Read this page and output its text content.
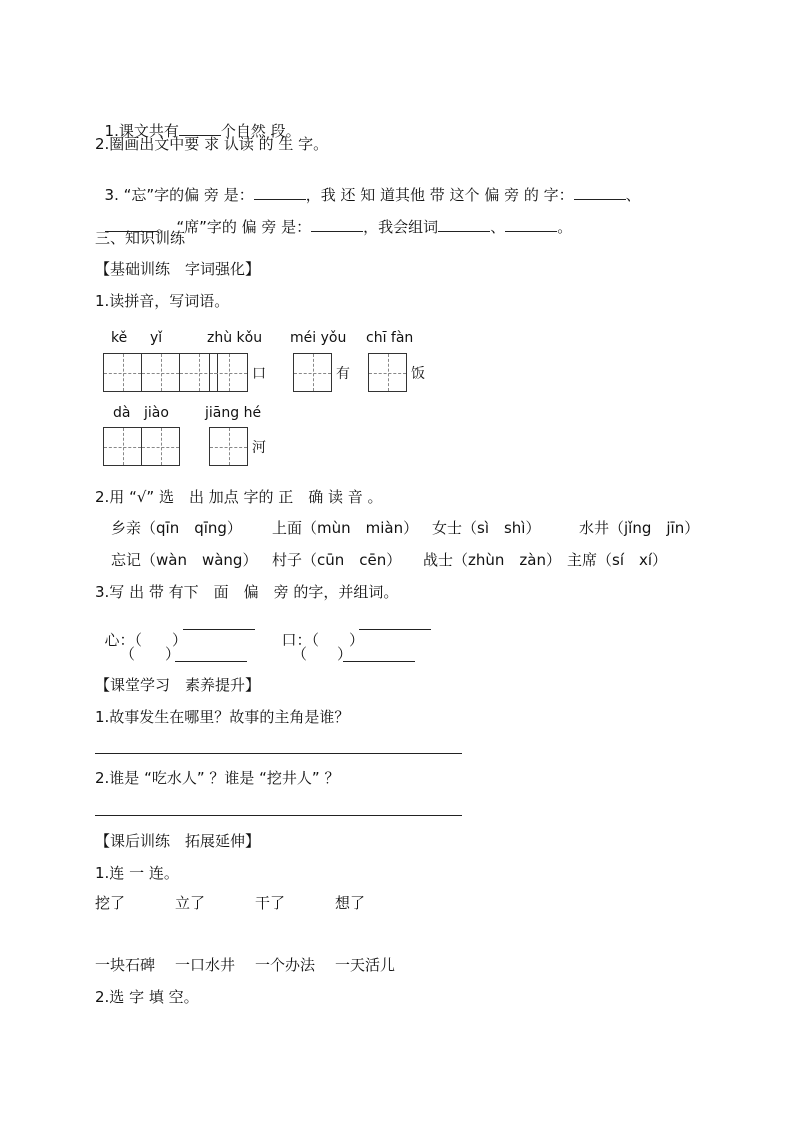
1.课文共有	个自然 段。

2.圈画出文中要 求 认读 的 生 字。

3. “忘”字的偏 旁 是：	，我 还 知 道其他 带 这个 偏 旁 的 字：	、

。 “席”字的 偏 旁 是：	，我会组词	、	。

三、知识训练
【基础训练　字词强化】
1.读拼音，写词语。
kě yǐ	zhù kǒu méi yǒu chī fàn
口	有	饭
dà jiào	jiāng hé
河
2.用 “√” 选　出 加点 字的 正　确 读 音 。
乡亲（qīn　qīng） 上面（mùn　miàn） 女士（sì　shì）	水井（jǐng　jīn）
忘记（wàn　wàng） 村子（cūn　cēn） 战士（zhùn　zàn） 主席（sí　xí）
3.写 出 带 有下　面　偏　旁 的字，并组词。

心：（　　）	口：（　　）

（　　）	（　　）
【课堂学习　素养提升】
1.故事发生在哪里？故事的主角是谁？
2.谁是 “吃水人” ？谁是 “挖井人” ？
【课后训练　拓展延伸】
1.连 一 连。
挖了	立了	干了	想了
一块石碑 一口水井 一个办法 一天活儿
2.选 字 填 空。
